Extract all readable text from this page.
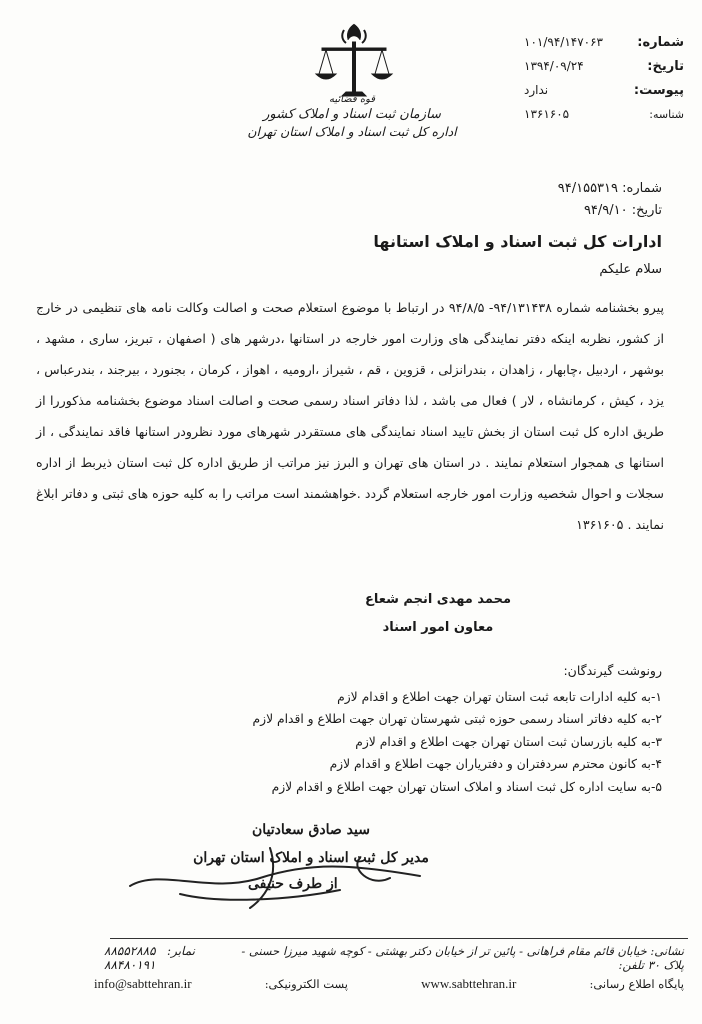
شماره:
۱۰۱/۹۴/۱۴۷۰۶۳
تاریخ:
۱۳۹۴/۰۹/۲۴
پیوست:
ندارد
شناسه:
۱۳۶۱۶۰۵
قوه قضائیه
سازمان ثبت اسناد و املاک کشور
اداره کل ثبت اسناد و املاک استان تهران
شماره: ۹۴/۱۵۵۳۱۹
تاریخ: ۹۴/۹/۱۰
ادارات کل ثبت اسناد و املاک استانها
سلام علیکم
پیرو بخشنامه شماره ۹۴/۱۳۱۴۳۸- ۹۴/۸/۵ در ارتباط با موضوع استعلام صحت و اصالت وکالت نامه های تنظیمی در خارج از کشور، نظربه اینکه دفتر نمایندگی های وزارت امور خارجه در استانها ،درشهر های ( اصفهان ، تبریز، ساری ، مشهد ، بوشهر ، اردبیل ،چابهار ، زاهدان ، بندرانزلی ، قزوین ، قم ، شیراز ،ارومیه ، اهواز ، کرمان ، بجنورد ، بیرجند ، بندرعباس ، یزد ، کیش ، کرمانشاه ، لار ) فعال می باشد ، لذا دفاتر اسناد رسمی صحت و اصالت اسناد موضوع بخشنامه مذکوررا از طریق اداره کل ثبت استان از بخش تایید اسناد نمایندگی های مستقردر شهرهای مورد نظرودر استانها فاقد نمایندگی ، از استانها ی همجوار استعلام نمایند . در استان های تهران و البرز نیز مراتب از طریق اداره کل ثبت استان ذیربط از اداره سجلات و احوال شخصیه وزارت امور خارجه استعلام گردد .خواهشمند است مراتب را به کلیه حوزه های ثبتی و دفاتر ابلاغ نمایند . ۱۳۶۱۶۰۵
محمد مهدی انجم شعاع
معاون امور اسناد
رونوشت گیرندگان:
۱-به کلیه ادارات تابعه ثبت استان تهران جهت اطلاع و اقدام لازم
۲-به کلیه دفاتر اسناد رسمی حوزه ثبتی شهرستان تهران جهت اطلاع و اقدام لازم
۳-به کلیه بازرسان ثبت استان تهران جهت اطلاع و اقدام لازم
۴-به کانون محترم سردفتران و دفتریاران جهت اطلاع و اقدام لازم
۵-به سایت اداره کل ثبت اسناد و املاک استان تهران جهت اطلاع و اقدام لازم
سید صادق سعادتیان
مدیر کل ثبت اسناد و املاک استان تهران
از طرف حنیفی
نشانی: خیابان قائم مقام فراهانی - پائین تر از خیابان دکتر بهشتی - کوچه شهید میرزا حسنی - پلاک ۳۰ تلفن:
۸۸۵۵۲۸۸۵ نمابر:   ۸۸۴۸۰۱۹۱
پایگاه اطلاع رسانی:
www.sabttehran.ir
پست الکترونیکی:
info@sabttehran.ir
